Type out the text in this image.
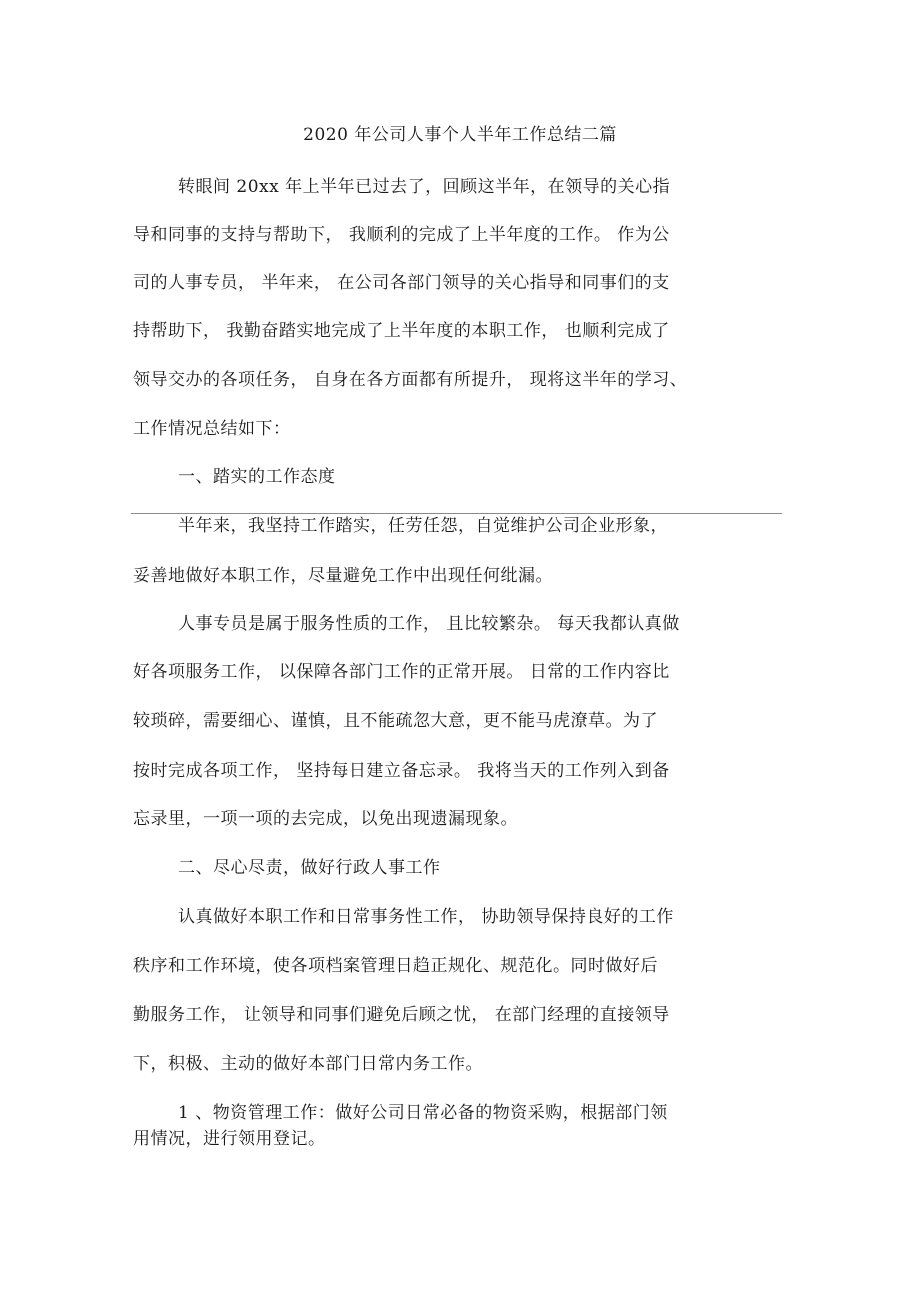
2020 年公司人事个人半年工作总结二篇
转眼间 20xx 年上半年已过去了，回顾这半年，在领导的关心指
导和同事的支持与帮助下， 我顺利的完成了上半年度的工作。 作为公
司的人事专员， 半年来， 在公司各部门领导的关心指导和同事们的支
持帮助下， 我勤奋踏实地完成了上半年度的本职工作， 也顺利完成了
领导交办的各项任务， 自身在各方面都有所提升， 现将这半年的学习、
工作情况总结如下：
一、踏实的工作态度
半年来，我坚持工作踏实，任劳任怨，自觉维护公司企业形象，
妥善地做好本职工作，尽量避免工作中出现任何纰漏。
人事专员是属于服务性质的工作， 且比较繁杂。 每天我都认真做
好各项服务工作， 以保障各部门工作的正常开展。 日常的工作内容比
较琐碎，需要细心、谨慎，且不能疏忽大意，更不能马虎潦草。为了
按时完成各项工作， 坚持每日建立备忘录。 我将当天的工作列入到备
忘录里，一项一项的去完成，以免出现遗漏现象。
二、尽心尽责，做好行政人事工作
认真做好本职工作和日常事务性工作， 协助领导保持良好的工作
秩序和工作环境，使各项档案管理日趋正规化、规范化。同时做好后
勤服务工作， 让领导和同事们避免后顾之忧， 在部门经理的直接领导
下，积极、主动的做好本部门日常内务工作。
1 、物资管理工作：做好公司日常必备的物资采购，根据部门领
用情况，进行领用登记。
